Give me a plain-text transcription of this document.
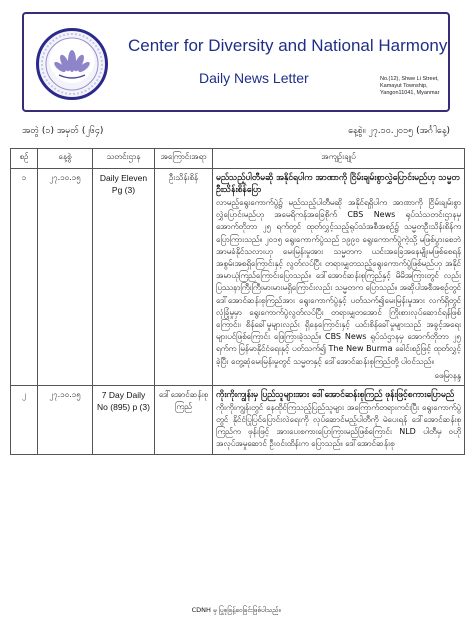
Center for Diversity and National Harmony
Daily News Letter	No.(12), Shwe Li Street,
Kamayut Township,
Yangon11041, Myanmar
အတွဲ (၁) အမှတ် (၂၆၄)	နေ့စွဲ။ ၂၇.၁၀.၂၀၁၅ (အင်္ဂါနေ့)
စဉ်	နေ့စွဲ	သတင်းဌာန	အကြောင်းအရာ	အကျဉ်းချုပ်
၁	၂၇.၁၀.၁၅	Daily Eleven Pg (3)	ဦးသိန်းစိန်	မည်သည့်ပါတီမဆို အနိုင်ရပါက အာဏာကို ငြိမ်းချမ်းစွာလွှဲပြောင်းမည်ဟု သမ္မတ ဦးသိန်းစိန်ပြော
လာမည့်ရွေးကောက်ပွဲ၌ မည်သည့်ပါတီမဆို အနိုင်ရရှိပါက အာဏာကို ငြိမ်းချမ်းစွာလွှဲပြောင်းမည်ဟု အမေရိကန်အခြေစိုက် CBS News ရုပ်သံသတင်းဌာနမှ အောက်တိုဘာ ၂၅ ရက်တွင် ထုတ်လွှင့်သည့်ရုပ်သံအစီအစဉ်၌ သမ္မတဦးသိန်းစိန်က ပြောကြားသည်။ ၂၀၁၅ ရွေးကောက်ပွဲသည် ၁၉၉၀ ရွေးကောက်ပွဲကဲ့သို့ မဖြစ်ပွားစေဘဲ အာမခံနိုင်သလားဟု မေးမြန်းမှုအား သမ္မတက ယင်းအခြေအနေမျိုးမဖြစ်စေရန် အစွမ်းအစရှိကြောင်းနှင့် လွတ်လပ်ပြီး တရားမျှတသည့်ရွေးကောက်ပွဲဖြစ်မည်ဟု အနိုင်အမာယုံကြည်ကြောင်းပြောသည်။ ဒေါ်အောင်ဆန်းစုကြည်နှင့် မိမိအကြားတွင် လည်း ပြဿနာကြီးကြီးမားမားမရှိကြောင်းလည်း သမ္မတက ပြောသည်။ အဆိုပါအစီအစဉ်တွင် ဒေါ်အောင်ဆန်းစုကြည်အား ရွေးကောက်ပွဲနှင့် ပတ်သက်၍မေးမြန်းမှုအား လက်ရှိတွင်လုံခြုံမှုမှာ ရွေးကောက်ပွဲလွတ်လပ်ပြီး တရားမျှတအောင် ကြိုးစားလုပ်ဆောင်ရန်ဖြစ်ကြောင်း၊ စိန်ခေါ်မှုများလည်း ရှိနေကြောင်းနှင့် ယင်းစိန်ခေါ်မှုများသည် အခွင့်အရေးများပင်ဖြစ်ကြောင်း ဖြေကြားခဲ့သည်။ CBS News ရုပ်သံဌာနမှ အောက်တိုဘာ ၂၅ ရက်က မြန်မာနိုင်ငံရေးနှင့် ပတ်သက်၍ The New Burma ခေါင်းစဉ်ဖြင့် ထုတ်လွှင့်ခဲ့ပြီး တွေ့ဆုံမေးမြန်းမှုတွင် သမ္မတနှင့် ဒေါ်အောင်ဆန်းစုကြည်တို့ ပါဝင်သည်။
ဖေမြာနန္ဒ

၂	၂၇.၁၀.၁၅	7 Day Daily No (895) p (3)	ဒေါ်အောင်ဆန်းစုကြည်	ကိုးကိုးကျွန်းမှ ပြည်သူများအား ဒေါ်အောင်ဆန်းစုကြည် ဖုန်းဖြင့်စကားပြောမည်
ကိုးကိုးကျွန်းတွင် နေထိုင်ကြသည့်ပြည်သူများ အကြောက်တရားကင်းပြီး ရွေးကောက်ပွဲတွင် နိုင်ငံပြုပြင်ပြောင်းလဲရေးကို လုပ်ဆောင်မည့်ပါတီကို မဲပေးရန် ဒေါ်အောင်ဆန်းစုကြည်က ဖုန်းဖြင့် အားပေးစကားပြောကြားမည်ဖြစ်ကြောင်း NLD ပါတီမှ ၀ဟိုအလုပ်အမှုဆောင် ဦးဝင်းထိန်းက ပြောသည်။ ဒေါ်အောင်ဆန်းစု
CDNH မှ ပြုစုဖြန့်ဝေခြင်းဖြစ်ပါသည်။
